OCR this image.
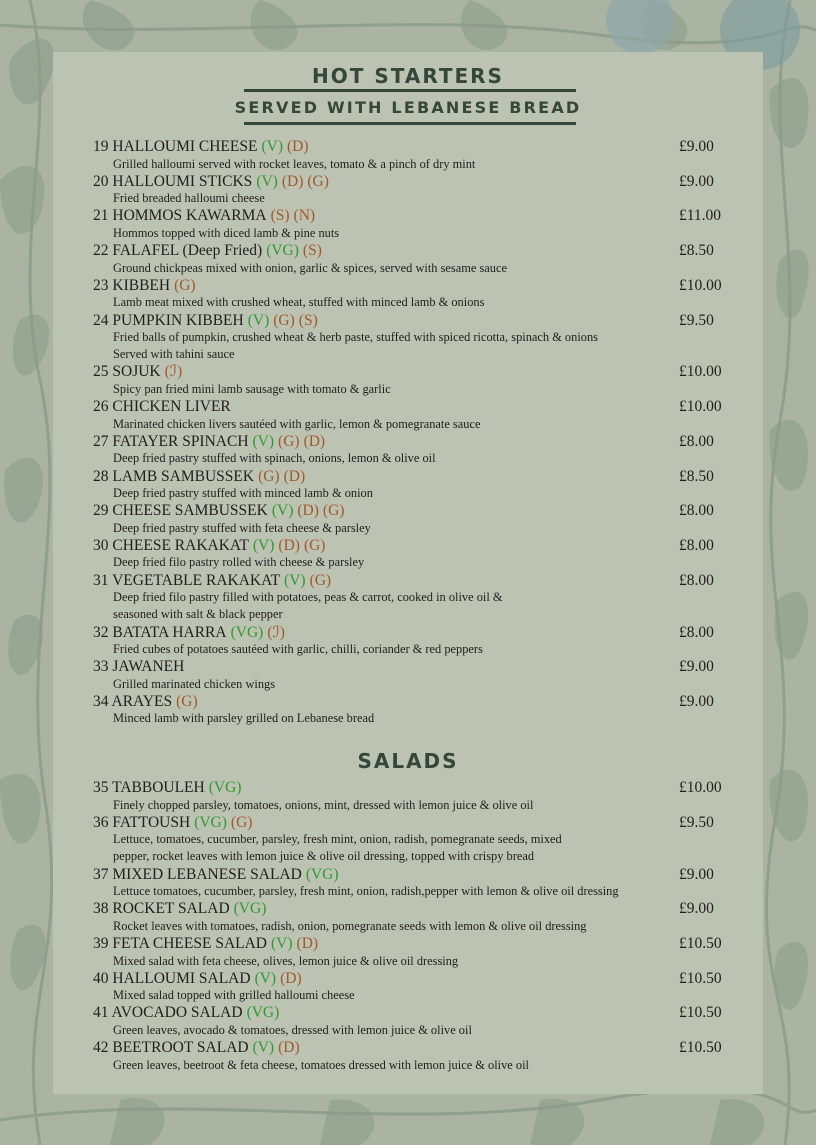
HOT STARTERS
SERVED WITH LEBANESE BREAD
19 HALLOUMI CHEESE (V) (D)	£9.00

Grilled halloumi served with rocket leaves, tomato & a pinch of dry mint

20 HALLOUMI STICKS (V) (D) (G)	£9.00

Fried breaded halloumi cheese

21 HOMMOS KAWARMA (S) (N)	£11.00

Hommos topped with diced lamb & pine nuts

22 FALAFEL (Deep Fried) (VG) (S)	£8.50

Ground chickpeas mixed with onion, garlic & spices, served with sesame sauce

23 KIBBEH (G)	£10.00

Lamb meat mixed with crushed wheat, stuffed with minced lamb & onions

24 PUMPKIN KIBBEH (V) (G) (S)	£9.50

Fried balls of pumpkin, crushed wheat & herb paste, stuffed with spiced ricotta, spinach & onions

Served with tahini sauce

25 SOJUK (ℐ)	£10.00

Spicy pan fried mini lamb sausage with tomato & garlic

26 CHICKEN LIVER	£10.00

Marinated chicken livers sautéed with garlic, lemon & pomegranate sauce

27 FATAYER SPINACH (V) (G) (D)	£8.00

Deep fried pastry stuffed with spinach, onions, lemon & olive oil

28 LAMB SAMBUSSEK (G) (D)	£8.50

Deep fried pastry stuffed with minced lamb & onion

29 CHEESE SAMBUSSEK (V) (D) (G)	£8.00

Deep fried pastry stuffed with feta cheese & parsley

30 CHEESE RAKAKAT (V) (D) (G)	£8.00

Deep fried filo pastry rolled with cheese & parsley

31 VEGETABLE RAKAKAT (V) (G)	£8.00

Deep fried filo pastry filled with potatoes, peas & carrot, cooked in olive oil &

seasoned with salt & black pepper

32 BATATA HARRA (VG) (ℐ)	£8.00

Fried cubes of potatoes sautéed with garlic, chilli, coriander & red peppers

33 JAWANEH	£9.00

Grilled marinated chicken wings

34 ARAYES (G)	£9.00

Minced lamb with parsley grilled on Lebanese bread

SALADS
35 TABBOULEH (VG)	£10.00

Finely chopped parsley, tomatoes, onions, mint, dressed with lemon juice & olive oil

36 FATTOUSH (VG) (G)	£9.50

Lettuce, tomatoes, cucumber, parsley, fresh mint, onion, radish, pomegranate seeds, mixed

pepper, rocket leaves with lemon juice & olive oil dressing, topped with crispy bread

37 MIXED LEBANESE SALAD (VG)	£9.00

Lettuce tomatoes, cucumber, parsley, fresh mint, onion, radish,pepper with lemon & olive oil dressing

38 ROCKET SALAD (VG)	£9.00

Rocket leaves with tomatoes, radish, onion, pomegranate seeds with lemon & olive oil dressing

39 FETA CHEESE SALAD (V) (D)	£10.50

Mixed salad with feta cheese, olives, lemon juice & olive oil dressing

40 HALLOUMI SALAD (V) (D)	£10.50

Mixed salad topped with grilled halloumi cheese

41 AVOCADO SALAD (VG)	£10.50

Green leaves, avocado & tomatoes, dressed with lemon juice & olive oil

42 BEETROOT SALAD (V) (D)	£10.50

Green leaves, beetroot & feta cheese, tomatoes dressed with lemon juice & olive oil
